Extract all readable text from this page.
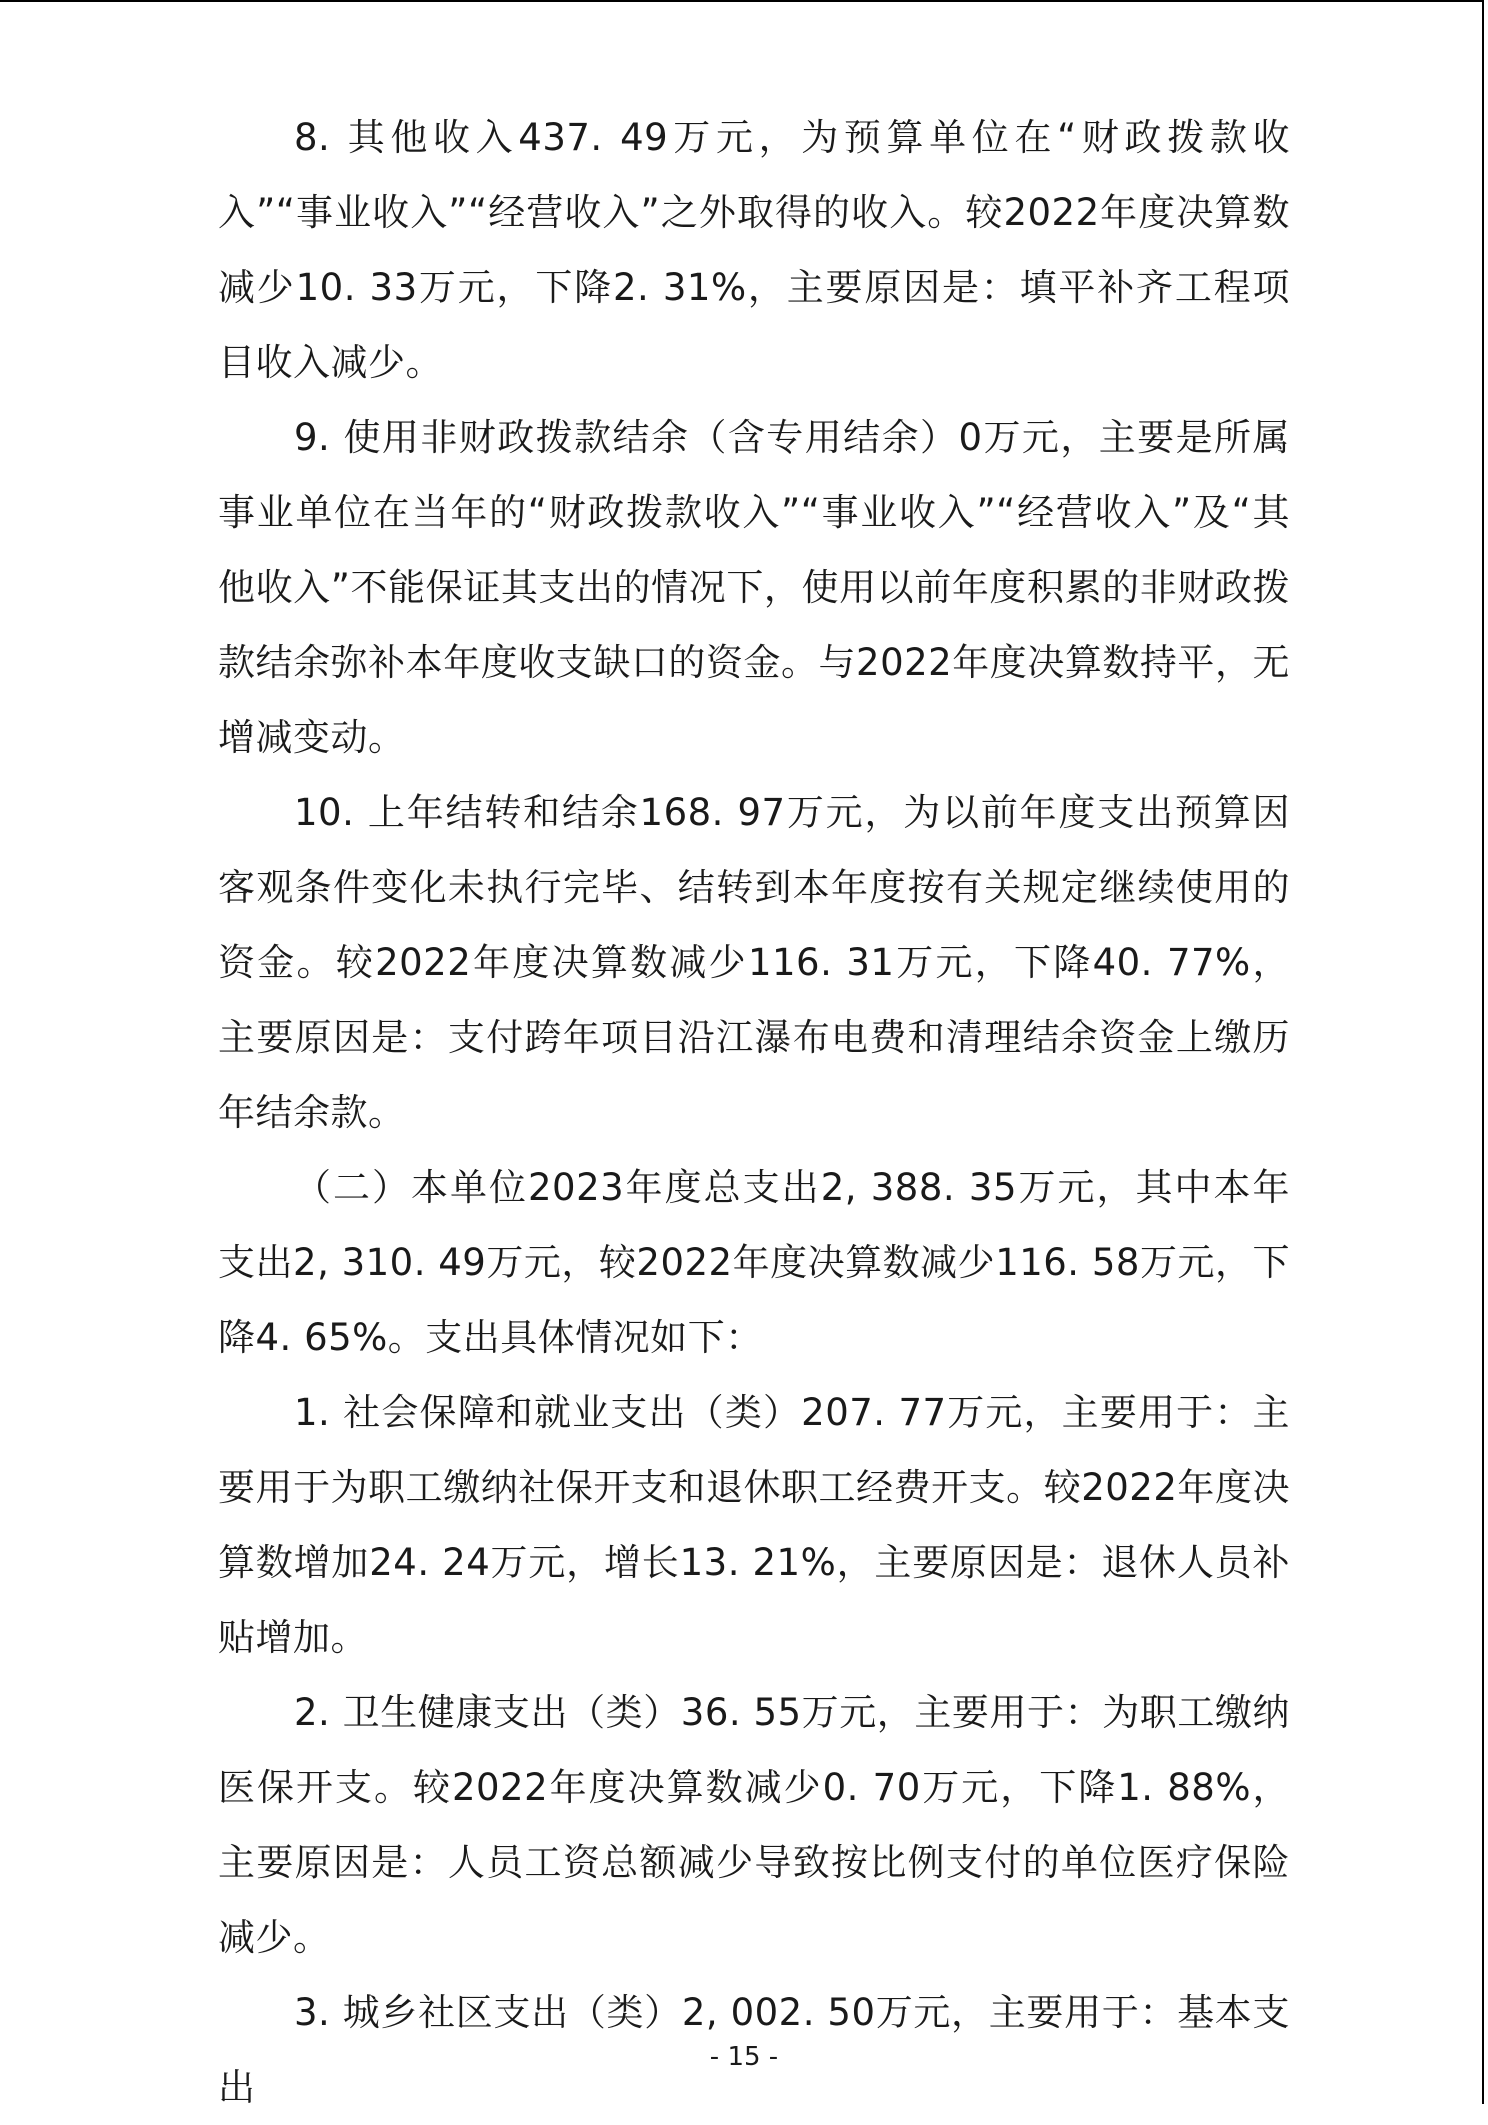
8. 其他收入437. 49万元，为预算单位在“财政拨款收入”“事业收入”“经营收入”之外取得的收入。较2022年度决算数减少10. 33万元，下降2. 31%，主要原因是：填平补齐工程项目收入减少。

9. 使用非财政拨款结余（含专用结余）0万元，主要是所属事业单位在当年的“财政拨款收入”“事业收入”“经营收入”及“其他收入”不能保证其支出的情况下，使用以前年度积累的非财政拨款结余弥补本年度收支缺口的资金。与2022年度决算数持平，无增减变动。

10. 上年结转和结余168. 97万元，为以前年度支出预算因客观条件变化未执行完毕、结转到本年度按有关规定继续使用的资金。较2022年度决算数减少116. 31万元，下降40. 77%，主要原因是：支付跨年项目沿江瀑布电费和清理结余资金上缴历年结余款。

（二）本单位2023年度总支出2, 388. 35万元，其中本年支出2, 310. 49万元，较2022年度决算数减少116. 58万元，下降4. 65%。支出具体情况如下：

1. 社会保障和就业支出（类）207. 77万元，主要用于：主要用于为职工缴纳社保开支和退休职工经费开支。较2022年度决算数增加24. 24万元，增长13. 21%，主要原因是：退休人员补贴增加。

2. 卫生健康支出（类）36. 55万元，主要用于：为职工缴纳医保开支。较2022年度决算数减少0. 70万元，下降1. 88%，主要原因是：人员工资总额减少导致按比例支付的单位医疗保险减少。

3. 城乡社区支出（类）2, 002. 50万元，主要用于：基本支出

- 15 -
